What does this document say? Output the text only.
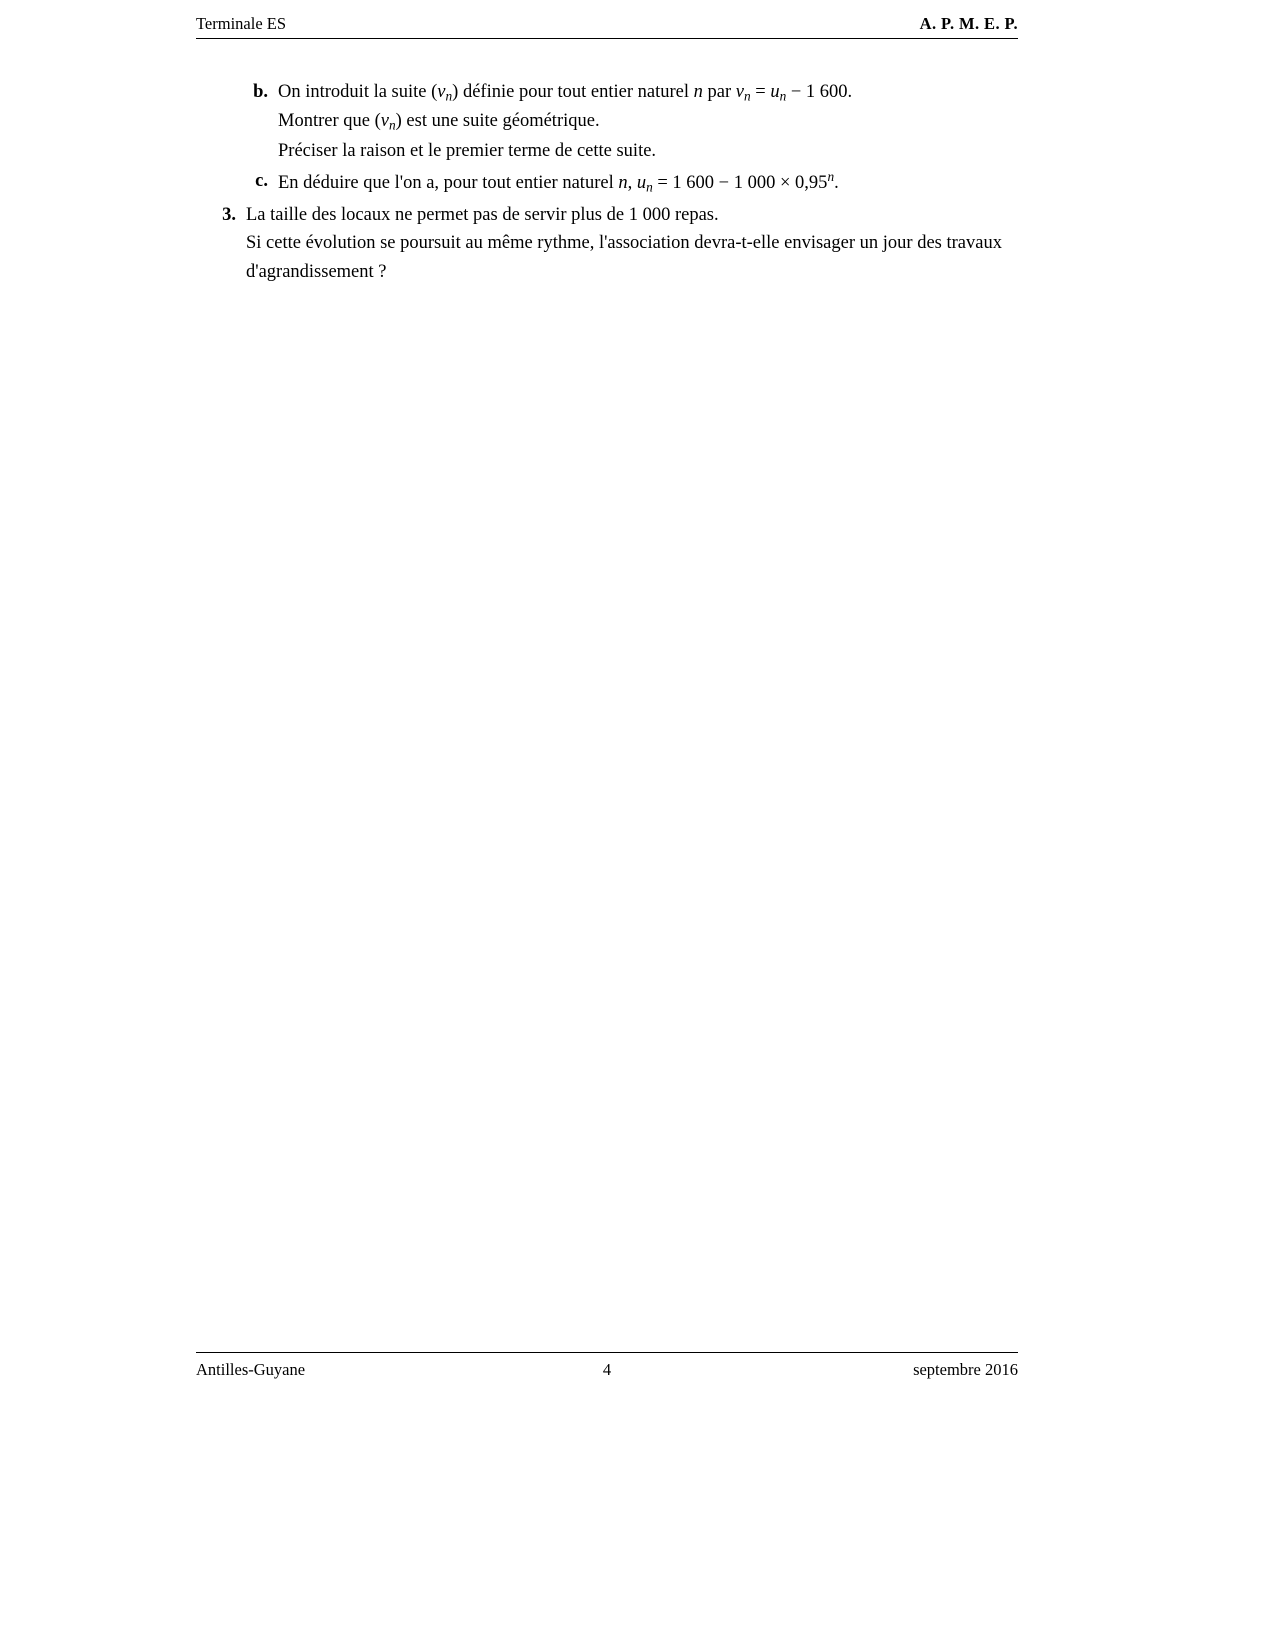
Terminale ES	A. P. M. E. P.
b. On introduit la suite $(v_n)$ définie pour tout entier naturel n par $v_n = u_n - 1$ 600.
Montrer que $(v_n)$ est une suite géométrique.
Préciser la raison et le premier terme de cette suite.
c. En déduire que l'on a, pour tout entier naturel n, $u_n = 1$ 600 − 1 $000 \times 0,95^n$.
3. La taille des locaux ne permet pas de servir plus de 1 000 repas.
Si cette évolution se poursuit au même rythme, l'association devra-t-elle envisager un jour des travaux d'agrandissement ?
Antilles-Guyane	4	septembre 2016
